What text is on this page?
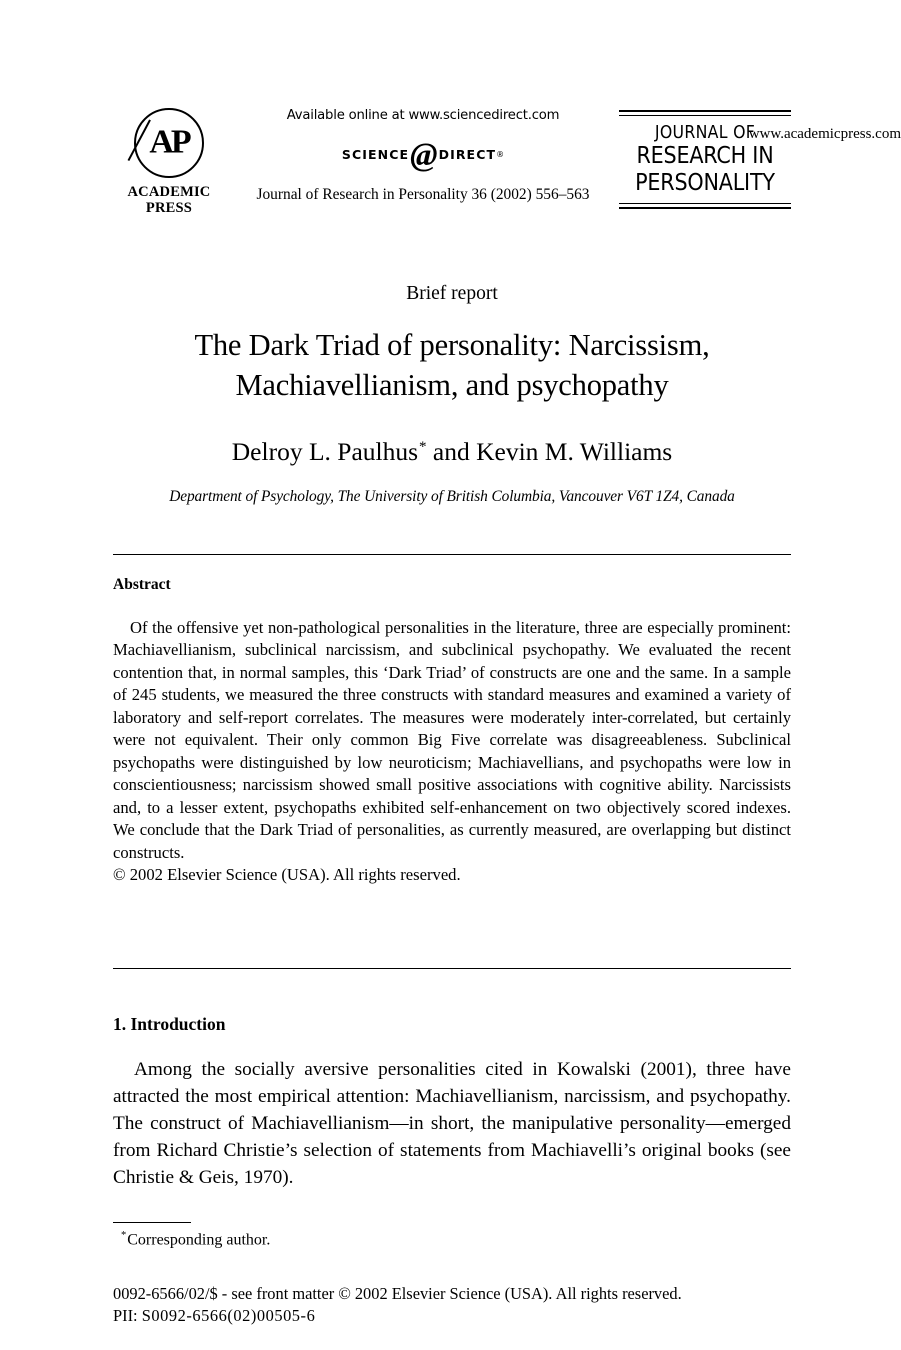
AP
ACADEMIC
PRESS
Available online at www.sciencedirect.com
SCIENCE @ DIRECT ®
Journal of Research in Personality 36 (2002) 556–563
JOURNAL OF
RESEARCH IN
PERSONALITY
www.academicpress.com
Brief report
The Dark Triad of personality: Narcissism,
Machiavellianism, and psychopathy
Delroy L. Paulhus* and Kevin M. Williams
Department of Psychology, The University of British Columbia, Vancouver V6T 1Z4, Canada
Abstract

Of the offensive yet non-pathological personalities in the literature, three are especially prominent: Machiavellianism, subclinical narcissism, and subclinical psychopathy. We evaluated the recent contention that, in normal samples, this ‘Dark Triad’ of constructs are one and the same. In a sample of 245 students, we measured the three constructs with standard measures and examined a variety of laboratory and self-report correlates. The measures were moderately inter-correlated, but certainly were not equivalent. Their only common Big Five correlate was disagreeableness. Subclinical psychopaths were distinguished by low neuroticism; Machiavellians, and psychopaths were low in conscientiousness; narcissism showed small positive associations with cognitive ability. Narcissists and, to a lesser extent, psychopaths exhibited self-enhancement on two objectively scored indexes. We conclude that the Dark Triad of personalities, as currently measured, are overlapping but distinct constructs.

© 2002 Elsevier Science (USA). All rights reserved.

1. Introduction

Among the socially aversive personalities cited in Kowalski (2001), three have attracted the most empirical attention: Machiavellianism, narcissism, and psychopathy. The construct of Machiavellianism—in short, the manipulative personality—emerged from Richard Christie’s selection of statements from Machiavelli’s original books (see Christie & Geis, 1970).

*Corresponding author.
0092-6566/02/$ - see front matter © 2002 Elsevier Science (USA). All rights reserved.
PII: S0092-6566(02)00505-6
